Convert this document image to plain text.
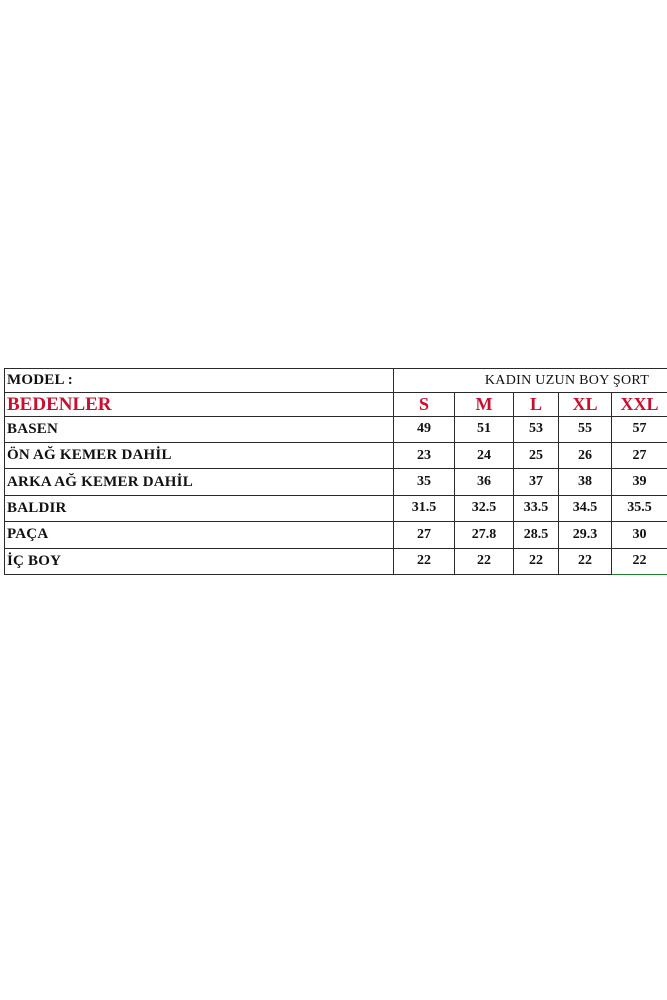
MODEL :	KADIN UZUN BOY ŞORT				
BEDENLER	S	M	L	XL	XXL
BASEN	49	51	53	55	57
ÖN AĞ KEMER DAHİL	23	24	25	26	27
ARKA AĞ KEMER DAHİL	35	36	37	38	39
BALDIR	31.5	32.5	33.5	34.5	35.5
PAÇA	27	27.8	28.5	29.3	30
İÇ BOY	22	22	22	22	22
